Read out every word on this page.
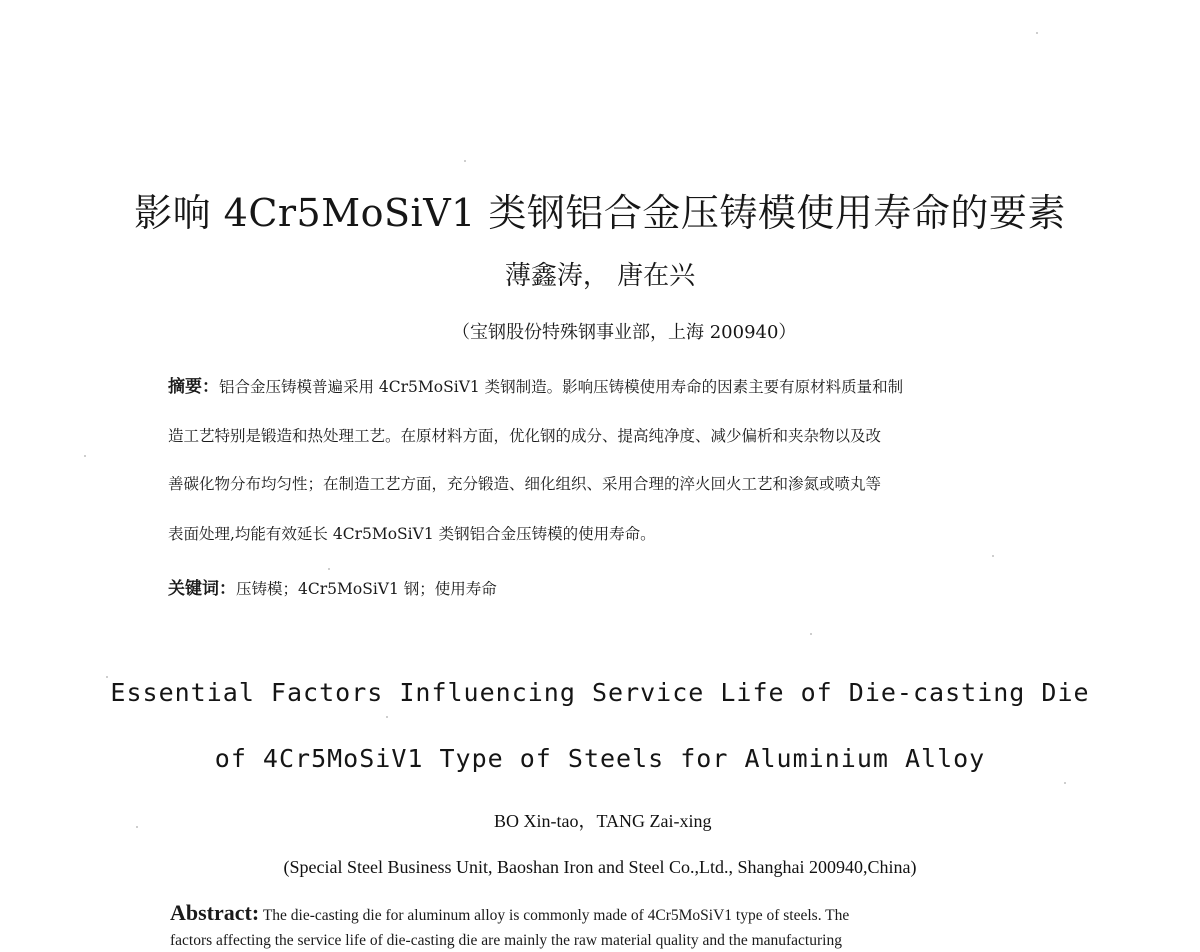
影响 4Cr5MoSiV1 类钢铝合金压铸模使用寿命的要素
薄鑫涛， 唐在兴
（宝钢股份特殊钢事业部，上海 200940）
摘要：铝合金压铸模普遍采用 4Cr5MoSiV1 类钢制造。影响压铸模使用寿命的因素主要有原材料质量和制
造工艺特别是锻造和热处理工艺。在原材料方面，优化钢的成分、提高纯净度、减少偏析和夹杂物以及改
善碳化物分布均匀性；在制造工艺方面，充分锻造、细化组织、采用合理的淬火回火工艺和渗氮或喷丸等
表面处理,均能有效延长 4Cr5MoSiV1 类钢铝合金压铸模的使用寿命。
关键词：压铸模；4Cr5MoSiV1 钢；使用寿命
Essential Factors Influencing Service Life of Die-casting Die
of 4Cr5MoSiV1 Type of Steels for Aluminium Alloy
BO Xin-tao，TANG Zai-xing
(Special Steel Business Unit, Baoshan Iron and Steel Co.,Ltd., Shanghai 200940,China)
Abstract: The die-casting die for aluminum alloy is commonly made of 4Cr5MoSiV1 type of steels. The
factors affecting the service life of die-casting die are mainly the raw material quality and the manufacturing
